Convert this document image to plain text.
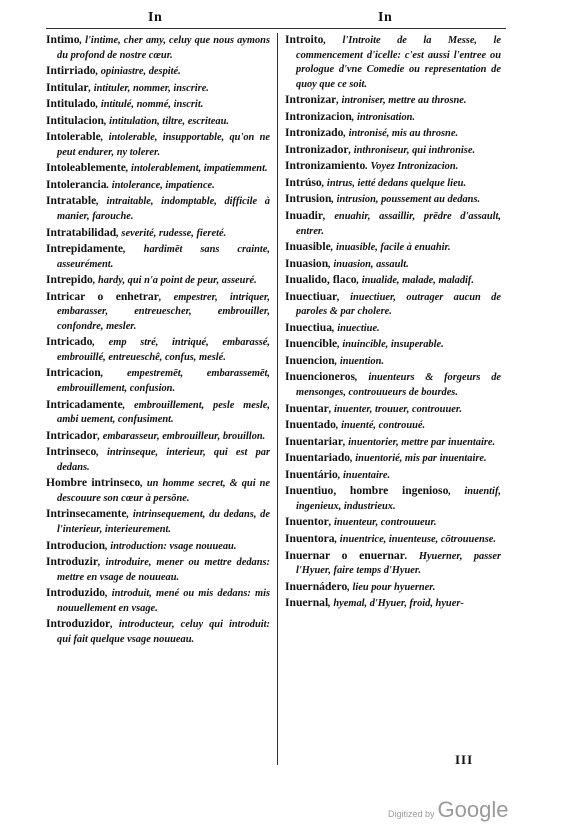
In	In
Intimo, l'intime, cher amy, celuy que nous aymons du profond de nostre cœur.
Intirriado, opiniastre, despité.
Intitular, intituler, nommer, inscrire.
Intitulado, intitulé, nommé, inscrit.
Intitulacion, intitulation, tiltre, escriteau.
Intolerable, intolerable, insupportable, qu'on ne peut endurer, ny tolerer.
Intoleablemente, intolerablement, impatiemment.
Intolerancia. intolerance, impatience.
Intratable, intraitable, indomptable, difficile à manier, farouche.
Intratabilidad, severité, rudesse, fiereté.
Intrepidamente, hardimēt sans crainte, asseurément.
Intrepido, hardy, qui n'a point de peur, asseuré.
Intricar o enhetrar, empestrer, intriquer, embarasser, entreuescher, embrouiller, confondre, mesler.
Intricado, emp stré, intriqué, embarassé, embrouillé, entreueschê, confus, meslé.
Intricacion, empestremēt, embarassemēt, embrouillement, confusion.
Intricadamente, embrouillement, pesle mesle, ambi uement, confusiment.
Intricador, embarasseur, embrouilleur, brouillon.
Intrinseco, intrinseque, interieur, qui est par dedans.
Hombre intrinseco, un homme secret, & qui ne descouure son cœur à persōne.
Intrinsecamente, intrinsequement, du dedans, de l'interieur, interieurement.
Introducion, introduction: vsage nouueau.
Introduzir, introduire, mener ou mettre dedans: mettre en vsage de nouueau.
Introduzido, introduit, mené ou mis dedans: mis nouuellement en vsage.
Introduzidor, introducteur, celuy qui introduit: qui fait quelque vsage nouueau.
Introito, l'Introite de la Messe, le commencement d'icelle: c'est aussi l'entree ou prologue d'vne Comedie ou representation de quoy que ce soit.
Intronizar, introniser, mettre au throsne.
Intronizacion, intronisation.
Intronizado, intronisé, mis au throsne.
Intronizador, inthroniseur, qui inthronise.
Intronizamiento. Voyez Intronizacion.
Intrúso, intrus, ietté dedans quelque lieu.
Intrusion, intrusion, poussement au dedans.
Inuadir, enuahir, assaillir, prēdre d'assault, entrer.
Inuasible, inuasible, facile à enuahir.
Inuasion, inuasion, assault.
Inualido, flaco, inualide, malade, maladif.
Inuectiuar, inuectiuer, outrager aucun de paroles & par cholere.
Inuectiua, inuectiue.
Inuencible, inuincible, insuperable.
Inuencion, inuention.
Inuencioneros, inuenteurs & forgeurs de mensonges, controuueurs de bourdes.
Inuentar, inuenter, trouuer, controuuer.
Inuentado, inuenté, controuué.
Inuentariar, inuentorier, mettre par inuentaire.
Inuentariado, inuentorié, mis par inuentaire.
Inuentário, inuentaire.
Inuentiuo, hombre ingenioso, inuentif, ingenieux, industrieux.
Inuentor, inuenteur, controuueur.
Inuentora, inuentrice, inuenteuse, cōtrouuense.
Inuernar o enuernar. Hyuerner, passer l'Hyuer, faire temps d'Hyuer.
Inuernádero, lieu pour hyuerner.
Inuernal, hyemal, d'Hyuer, froid, hyuer-
III
Digitized by Google
